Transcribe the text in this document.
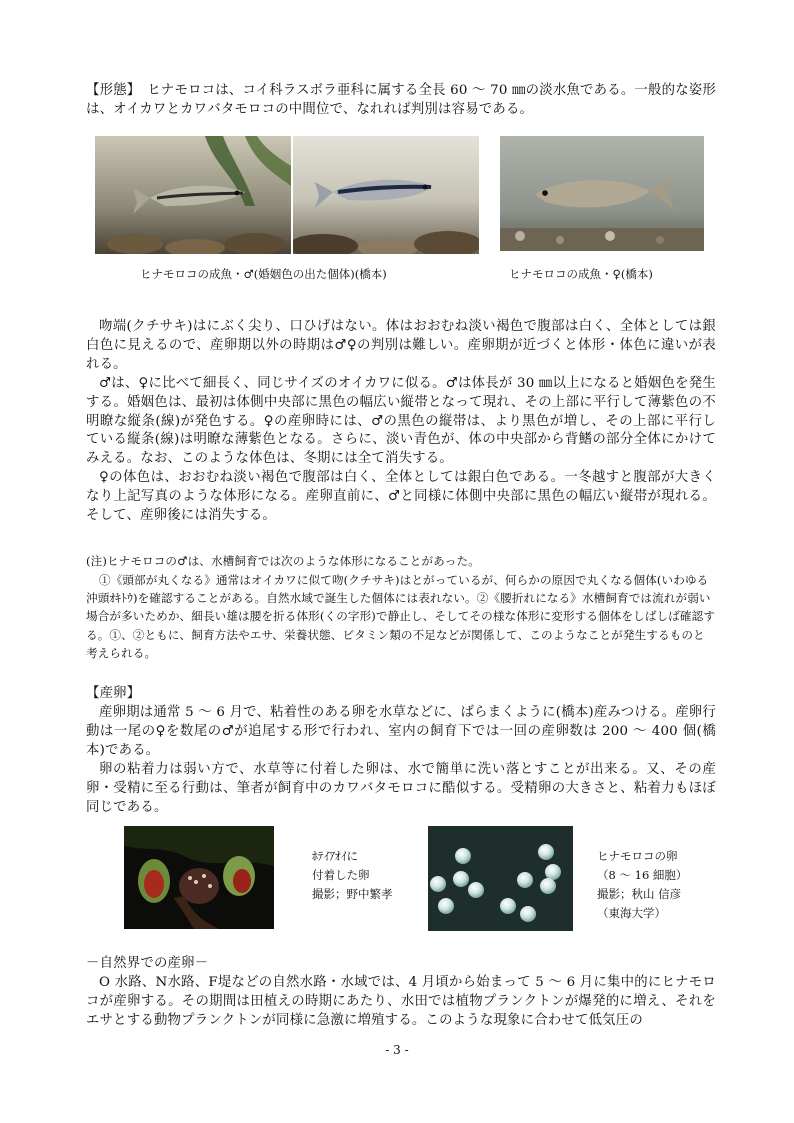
【形態】　ヒナモロコは、コイ科ラスボラ亜科に属する全長 60 ～ 70 ㎜の淡水魚である。一般的な姿形は、オイカワとカワバタモロコの中間位で、なれれば判別は容易である。

ヒナモロコの成魚・♂(婚姻色の出た個体)(橋本)	ヒナモロコの成魚・♀(橋本)

吻端(クチサキ)はにぶく尖り、口ひげはない。体はおおむね淡い褐色で腹部は白く、全体としては銀白色に見えるので、産卵期以外の時期は♂♀の判別は難しい。産卵期が近づくと体形・体色に違いが表れる。

♂は、♀に比べて細長く、同じサイズのオイカワに似る。♂は体長が 30 ㎜以上になると婚姻色を発生する。婚姻色は、最初は体側中央部に黒色の幅広い縦帯となって現れ、その上部に平行して薄紫色の不明瞭な縦条(線)が発色する。♀の産卵時には、♂の黒色の縦帯は、より黒色が増し、その上部に平行している縦条(線)は明瞭な薄紫色となる。さらに、淡い青色が、体の中央部から背鰭の部分全体にかけてみえる。なお、このような体色は、冬期には全て消失する。

♀の体色は、おおむね淡い褐色で腹部は白く、全体としては銀白色である。一冬越すと腹部が大きくなり上記写真のような体形になる。産卵直前に、♂と同様に体側中央部に黒色の幅広い縦帯が現れる。そして、産卵後には消失する。

(注)ヒナモロコの♂は、水槽飼育では次のような体形になることがあった。

①《頭部が丸くなる》通常はオイカワに似て吻(クチサキ)はとがっているが、何らかの原因で丸くなる個体(いわゆる沖頭ｵｷﾄｳ)を確認することがある。自然水域で誕生した個体には表れない。②《腰折れになる》水槽飼育では流れが弱い場合が多いためか、細長い雄は腰を折る体形(くの字形)で静止し、そしてその様な体形に変形する個体をしばしば確認する。①、②ともに、飼育方法やエサ、栄養状態、ビタミン類の不足などが関係して、このようなことが発生するものと考えられる。

【産卵】

産卵期は通常 5 ～ 6 月で、粘着性のある卵を水草などに、ばらまくように(橋本)産みつける。産卵行動は一尾の♀を数尾の♂が追尾する形で行われ、室内の飼育下では一回の産卵数は 200 ～ 400 個(橋本)である。

卵の粘着力は弱い方で、水草等に付着した卵は、水で簡単に洗い落とすことが出来る。又、その産卵・受精に至る行動は、筆者が飼育中のカワバタモロコに酷似する。受精卵の大きさと、粘着力もほぼ同じである。

ﾎﾃｲｱｵｲに
付着した卵
撮影；野中繁孝
ヒナモロコの卵
（8 ～ 16 細胞）
撮影；秋山 信彦
（東海大学）

－自然界での産卵－

O 水路、N水路、F堤などの自然水路・水域では、4 月頃から始まって 5 ～ 6 月に集中的にヒナモロコが産卵する。その期間は田植えの時期にあたり、水田では植物プランクトンが爆発的に増え、それをエサとする動物プランクトンが同様に急激に増殖する。このような現象に合わせて低気圧の

- 3 -
